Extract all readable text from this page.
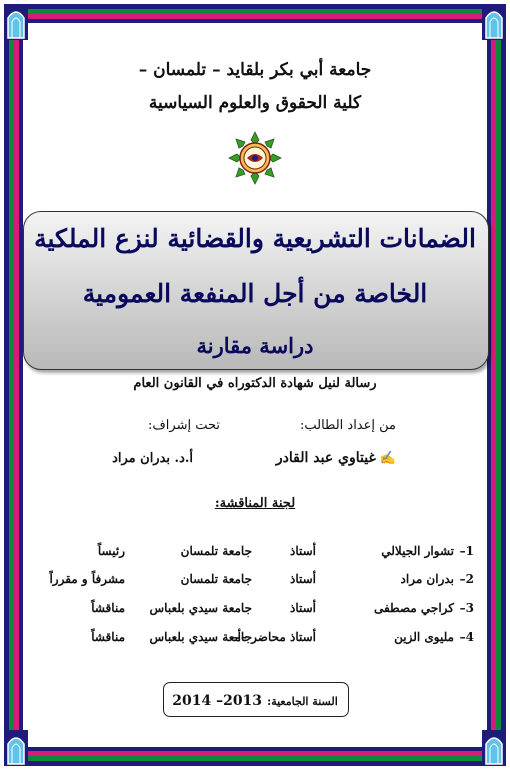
جامعة أبي بكر بلقايد – تلمسان –
كلية الحقوق والعلوم السياسية
الضمانات التشريعية والقضائية لنزع الملكية
الخاصة من أجل المنفعة العمومية
دراسة مقارنة
رسالة لنيل شهادة الدكتوراه في القانون العام
من إعداد الطالب:
تحت إشراف:
✍
غيتاوي عبد القادر
أ.د. بدران مراد
لجنة المناقشة:
1–
تشوار الجيلالي
أستاذ
جامعة تلمسان
رئيساً
2–
بدران مراد
أستاذ
جامعة تلمسان
مشرفاً و مقرراً
3–
كراجي مصطفى
أستاذ
جامعة سيدي بلعباس
مناقشاً
4–
مليوى الزين
أستاذ محاضر –أ–
جامعة سيدي بلعباس
مناقشاً
السنة الجامعية: 2013– 2014
